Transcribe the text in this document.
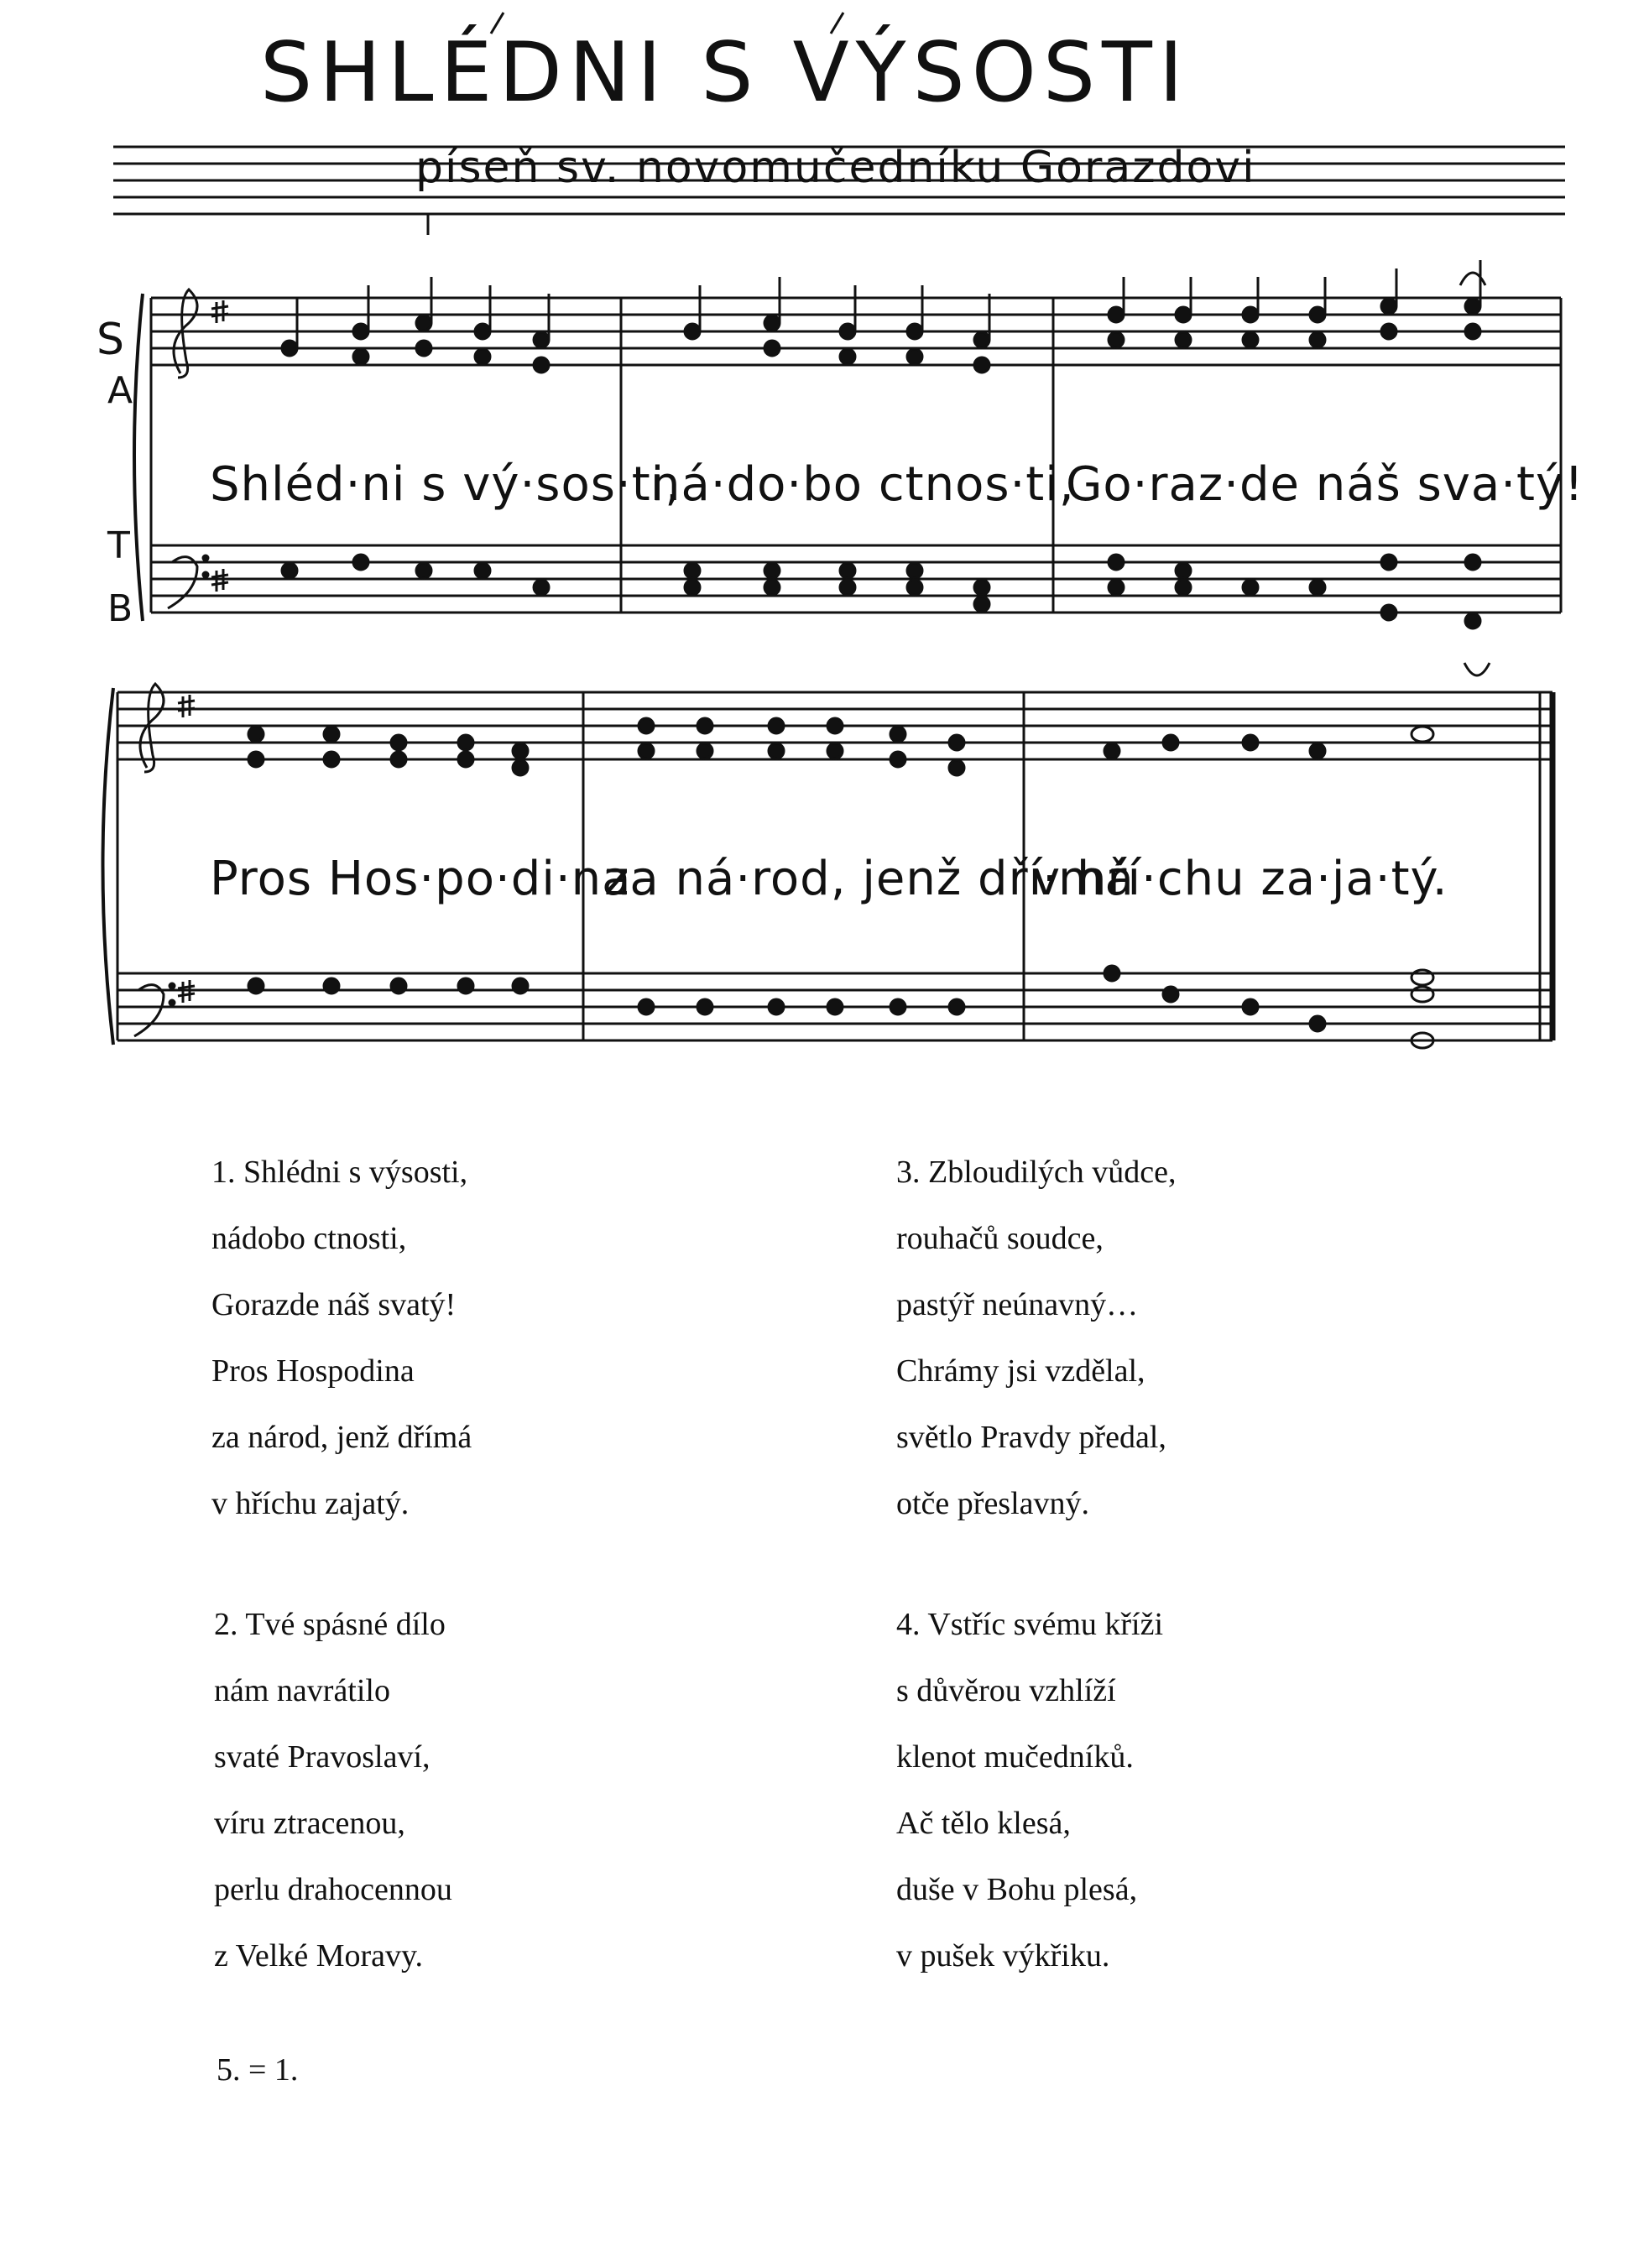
SHLÉDNI S VÝSOSTI
píseň sv. novomučedníku Gorazdovi
Shléd·ni s vý·sos·ti,
ná·do·bo ctnos·ti,
Go·raz·de náš sva·tý!
Pros Hos·po·di·na
za ná·rod, jenž dří·má
v hří·chu za·ja·tý.
S
A
T
B
1. Shlédni s výsosti,
nádobo ctnosti,
Gorazde náš svatý!
Pros Hospodina
za národ, jenž dřímá
v hříchu zajatý.
2. Tvé spásné dílo
nám navrátilo
svaté Pravoslaví,
víru ztracenou,
perlu drahocennou
z Velké Moravy.
3. Zbloudilých vůdce,
rouhačů soudce,
pastýř neúnavný…
Chrámy jsi vzdělal,
světlo Pravdy předal,
otče přeslavný.
4. Vstříc svému kříži
s důvěrou vzhlíží
klenot mučedníků.
Ač tělo klesá,
duše v Bohu plesá,
v pušek výkřiku.
5. = 1.
